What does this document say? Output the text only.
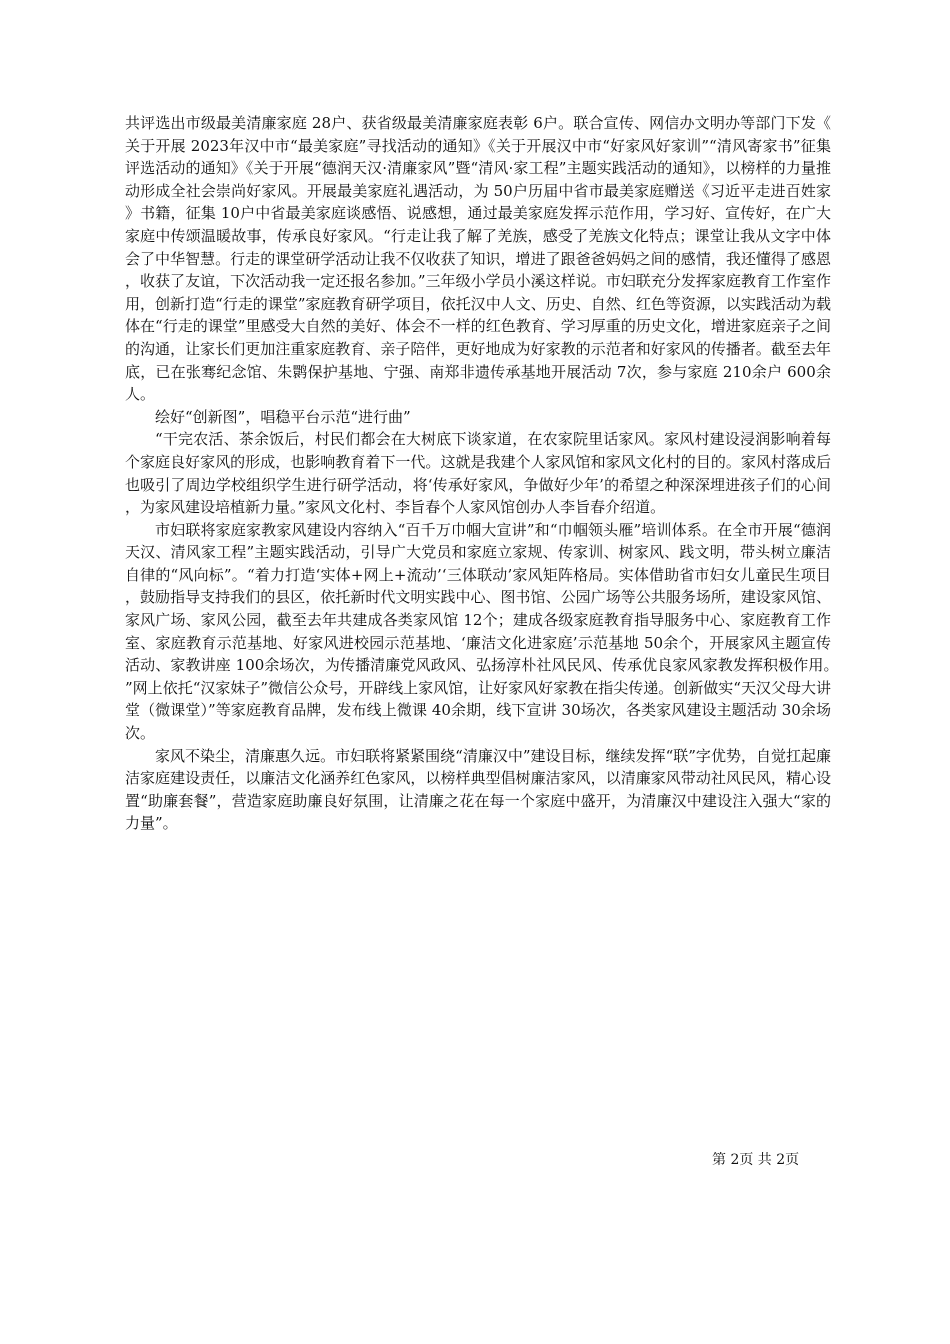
共评选出市级最美清廉家庭 28户、获省级最美清廉家庭表彰 6户。联合宣传、网信办文明办等部门下发《关于开展 2023年汉中市“最美家庭”寻找活动的通知》《关于开展汉中市“好家风好家训”“清风寄家书”征集评选活动的通知》《关于开展“德润天汉·清廉家风”暨“清风·家工程”主题实践活动的通知》，以榜样的力量推动形成全社会崇尚好家风。开展最美家庭礼遇活动，为 50户历届中省市最美家庭赠送《习近平走进百姓家》书籍，征集 10户中省最美家庭谈感悟、说感想，通过最美家庭发挥示范作用，学习好、宣传好，在广大家庭中传颂温暖故事，传承良好家风。“行走让我了解了羌族，感受了羌族文化特点；课堂让我从文字中体会了中华智慧。行走的课堂研学活动让我不仅收获了知识，增进了跟爸爸妈妈之间的感情，我还懂得了感恩，收获了友谊，下次活动我一定还报名参加。”三年级小学员小溪这样说。市妇联充分发挥家庭教育工作室作用，创新打造“行走的课堂”家庭教育研学项目，依托汉中人文、历史、自然、红色等资源，以实践活动为载体在“行走的课堂”里感受大自然的美好、体会不一样的红色教育、学习厚重的历史文化，增进家庭亲子之间的沟通，让家长们更加注重家庭教育、亲子陪伴，更好地成为好家教的示范者和好家风的传播者。截至去年底，已在张骞纪念馆、朱鹮保护基地、宁强、南郑非遗传承基地开展活动 7次，参与家庭 210余户 600余人。

绘好“创新图”，唱稳平台示范“进行曲”

“干完农活、茶余饭后，村民们都会在大树底下谈家道，在农家院里话家风。家风村建设浸润影响着每个家庭良好家风的形成，也影响教育着下一代。这就是我建个人家风馆和家风文化村的目的。家风村落成后也吸引了周边学校组织学生进行研学活动，将‘传承好家风，争做好少年’的希望之种深深埋进孩子们的心间，为家风建设培植新力量。”家风文化村、李旨春个人家风馆创办人李旨春介绍道。

市妇联将家庭家教家风建设内容纳入“百千万巾帼大宣讲”和“巾帼领头雁”培训体系。在全市开展“德润天汉、清风家工程”主题实践活动，引导广大党员和家庭立家规、传家训、树家风、践文明，带头树立廉洁自律的“风向标”。“着力打造‘实体+网上+流动’‘三体联动’家风矩阵格局。实体借助省市妇女儿童民生项目，鼓励指导支持我们的县区，依托新时代文明实践中心、图书馆、公园广场等公共服务场所，建设家风馆、家风广场、家风公园，截至去年共建成各类家风馆 12个；建成各级家庭教育指导服务中心、家庭教育工作室、家庭教育示范基地、好家风进校园示范基地、‘廉洁文化进家庭’示范基地 50余个，开展家风主题宣传活动、家教讲座 100余场次，为传播清廉党风政风、弘扬淳朴社风民风、传承优良家风家教发挥积极作用。”网上依托“汉家妹子”微信公众号，开辟线上家风馆，让好家风好家教在指尖传递。创新做实“天汉父母大讲堂（微课堂）”等家庭教育品牌，发布线上微课 40余期，线下宣讲 30场次，各类家风建设主题活动 30余场次。

家风不染尘，清廉惠久远。市妇联将紧紧围绕“清廉汉中”建设目标，继续发挥“联”字优势，自觉扛起廉洁家庭建设责任，以廉洁文化涵养红色家风，以榜样典型倡树廉洁家风，以清廉家风带动社风民风，精心设置“助廉套餐”，营造家庭助廉良好氛围，让清廉之花在每一个家庭中盛开，为清廉汉中建设注入强大“家的力量”。

第 2页 共 2页
